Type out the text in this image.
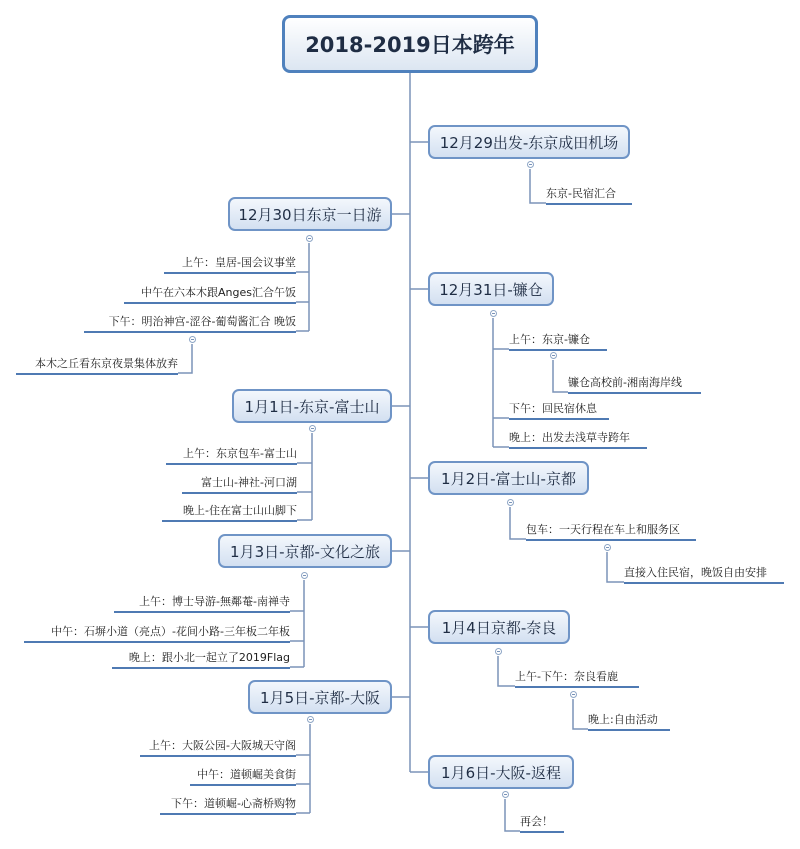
2018-2019日本跨年
12月29出发-东京成田机场
东京-民宿汇合
12月30日东京一日游
上午：皇居-国会议事堂
中午在六本木跟Anges汇合午饭
下午：明治神宫-涩谷-葡萄酱汇合 晚饭
本木之丘看东京夜景集体放弃
12月31日-镰仓
上午：东京-镰仓
镰仓高校前-湘南海岸线
下午：回民宿休息
晚上：出发去浅草寺跨年
1月1日-东京-富士山
上午：东京包车-富士山
富士山-神社-河口湖
晚上-住在富士山山脚下
1月2日-富士山-京都
包车：一天行程在车上和服务区
直接入住民宿，晚饭自由安排
1月3日-京都-文化之旅
上午：博士导游-無鄰菴-南禅寺
中午：石塀小道（亮点）-花间小路-三年板二年板
晚上：跟小北一起立了2019Flag
1月4日京都-奈良
上午-下午：奈良看鹿
晚上:自由活动
1月5日-京都-大阪
上午：大阪公园-大阪城天守阁
中午：道顿崛美食街
下午：道顿崛-心斋桥购物
1月6日-大阪-返程
再会！
